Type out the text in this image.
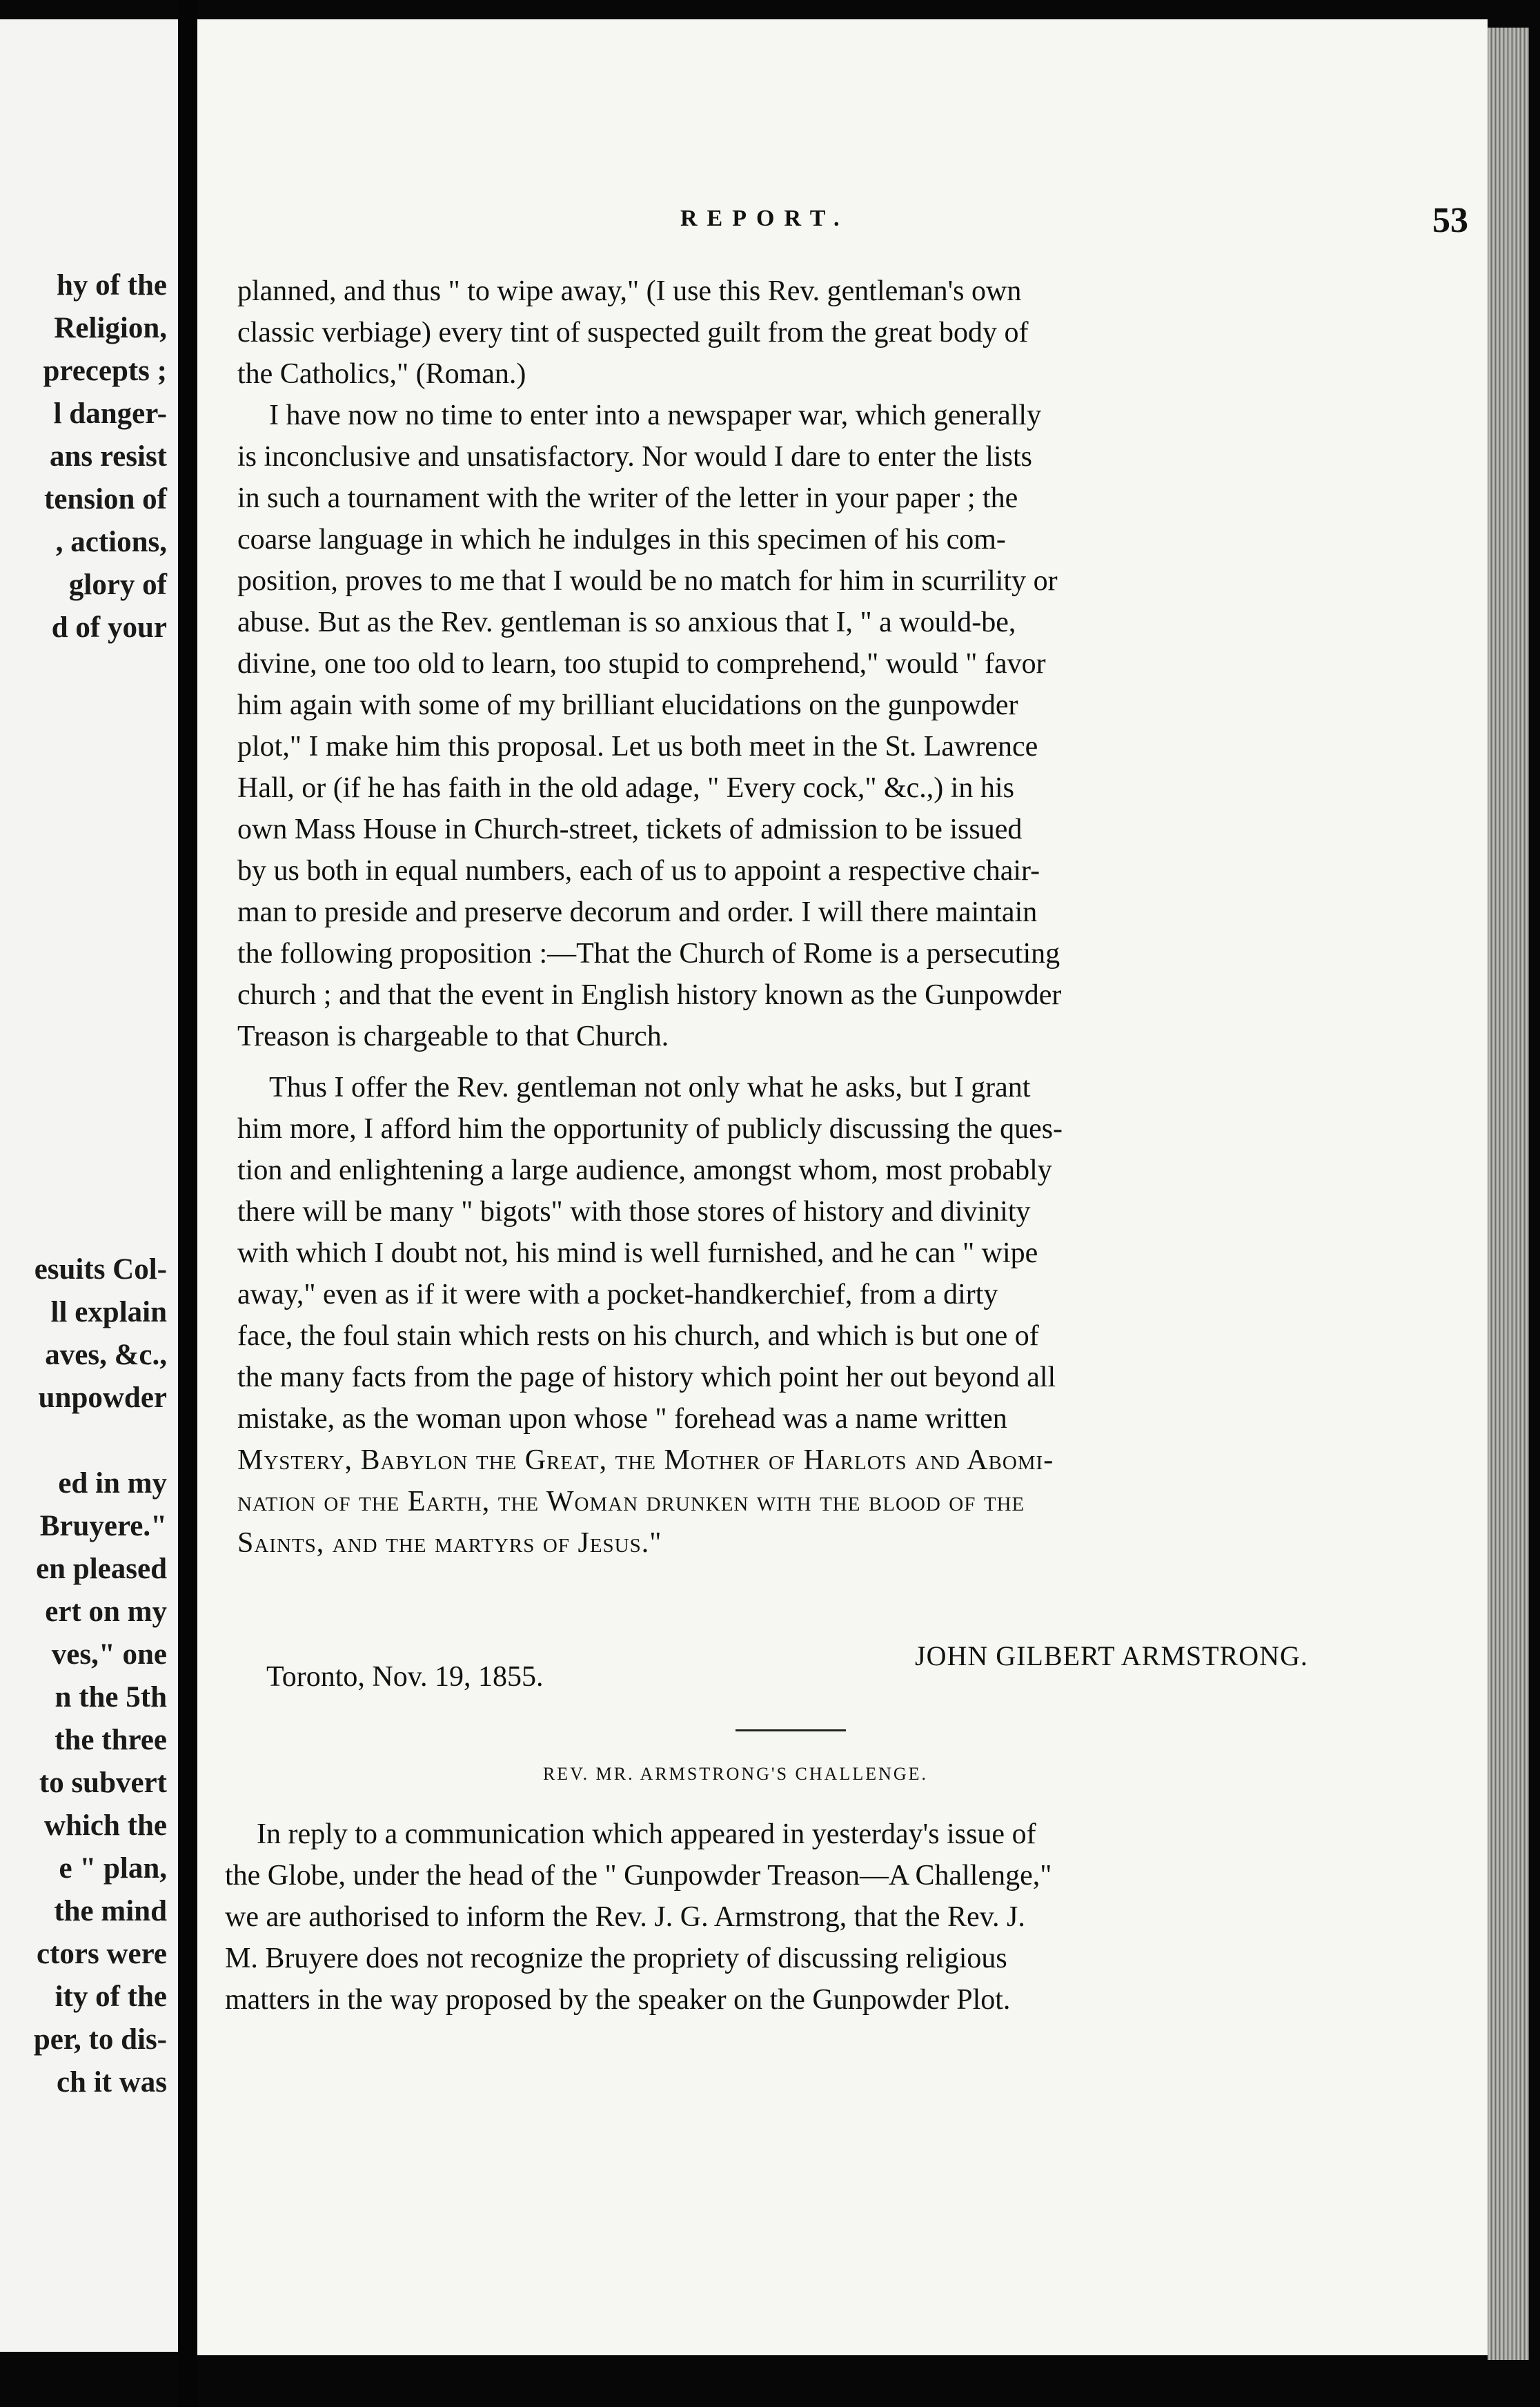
hy of the
Religion,
precepts ;
l danger-
ans resist
tension of
, actions,
glory of
d of your
esuits Col-
ll explain
aves, &c.,
unpowder
ed in my
Bruyere."
en pleased
ert on my
ves," one
n the 5th
the three
to subvert
which the
e " plan,
the mind
ctors were
ity of the
per, to dis-
ch it was
REPORT.	53
planned, and thus " to wipe away," (I use this Rev. gentleman's own
classic verbiage) every tint of suspected guilt from the great body of
the Catholics," (Roman.)
I have now no time to enter into a newspaper war, which generally
is inconclusive and unsatisfactory. Nor would I dare to enter the lists
in such a tournament with the writer of the letter in your paper ; the
coarse language in which he indulges in this specimen of his com-
position, proves to me that I would be no match for him in scurrility or
abuse. But as the Rev. gentleman is so anxious that I, " a would-be,
divine, one too old to learn, too stupid to comprehend," would " favor
him again with some of my brilliant elucidations on the gunpowder
plot," I make him this proposal. Let us both meet in the St. Lawrence
Hall, or (if he has faith in the old adage, " Every cock," &c.,) in his
own Mass House in Church-street, tickets of admission to be issued
by us both in equal numbers, each of us to appoint a respective chair-
man to preside and preserve decorum and order. I will there maintain
the following proposition :—That the Church of Rome is a persecuting
church ; and that the event in English history known as the Gunpowder
Treason is chargeable to that Church.
Thus I offer the Rev. gentleman not only what he asks, but I grant
him more, I afford him the opportunity of publicly discussing the ques-
tion and enlightening a large audience, amongst whom, most probably
there will be many " bigots" with those stores of history and divinity
with which I doubt not, his mind is well furnished, and he can " wipe
away," even as if it were with a pocket-handkerchief, from a dirty
face, the foul stain which rests on his church, and which is but one of
the many facts from the page of history which point her out beyond all
mistake, as the woman upon whose " forehead was a name written
Mystery, Babylon the Great, the Mother of Harlots and Abomi-
nation of the Earth, the Woman drunken with the blood of the
Saints, and the martyrs of Jesus."
JOHN GILBERT ARMSTRONG.
Toronto, Nov. 19, 1855.
REV. MR. ARMSTRONG'S CHALLENGE.
In reply to a communication which appeared in yesterday's issue of
the Globe, under the head of the " Gunpowder Treason—A Challenge,"
we are authorised to inform the Rev. J. G. Armstrong, that the Rev. J.
M. Bruyere does not recognize the propriety of discussing religious
matters in the way proposed by the speaker on the Gunpowder Plot.
